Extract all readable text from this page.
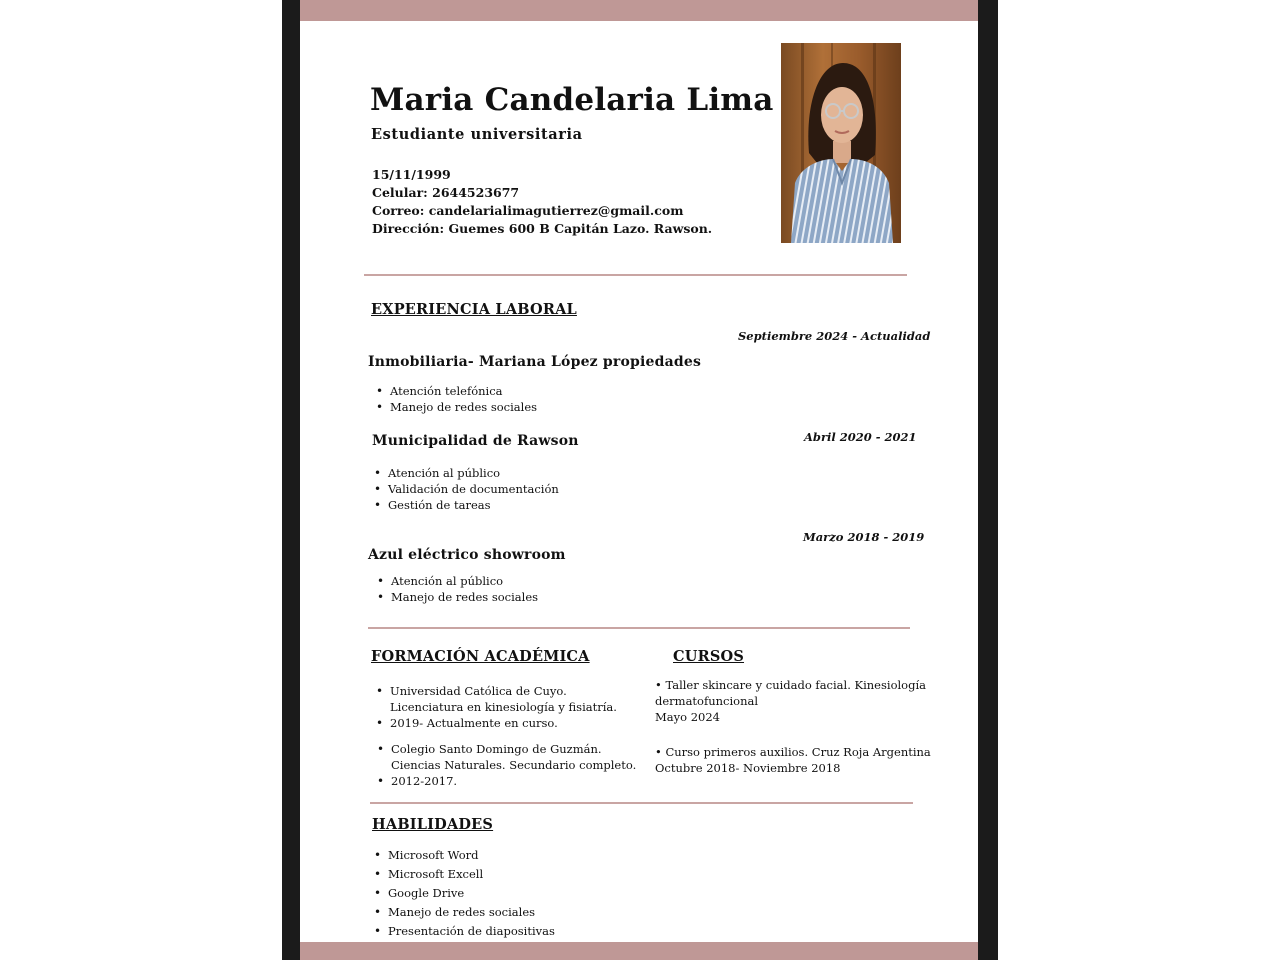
Maria Candelaria Lima
Estudiante universitaria
15/11/1999
Celular: 2644523677
Correo: candelarialimagutierrez@gmail.com
Dirección: Guemes 600 B Capitán Lazo. Rawson.
EXPERIENCIA LABORAL
Septiembre 2024 - Actualidad
Inmobiliaria- Mariana López propiedades
• Atención telefónica
• Manejo de redes sociales
Municipalidad de Rawson	Abril 2020 - 2021
• Atención al público
• Validación de documentación
• Gestión de tareas
Marzo 2018 - 2019
Azul eléctrico showroom
• Atención al público
• Manejo de redes sociales
FORMACIÓN ACADÉMICA
• Universidad Católica de Cuyo.
Licenciatura en kinesiología y fisiatría.
• 2019- Actualmente en curso.
• Colegio Santo Domingo de Guzmán.
Ciencias Naturales. Secundario completo.
• 2012-2017.
CURSOS
• Taller skincare y cuidado facial. Kinesiología
dermatofuncional
Mayo 2024
• Curso primeros auxilios. Cruz Roja Argentina
Octubre 2018- Noviembre 2018
HABILIDADES
• Microsoft Word
• Microsoft Excell
• Google Drive
• Manejo de redes sociales
• Presentación de diapositivas
